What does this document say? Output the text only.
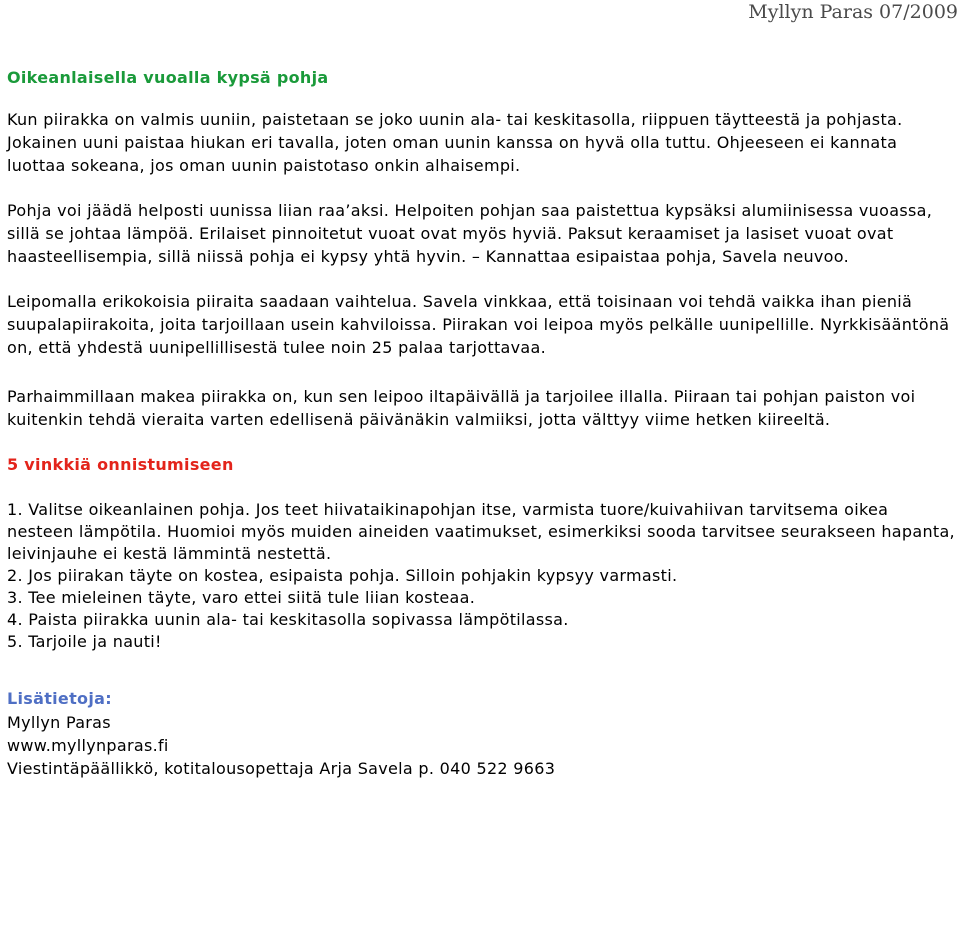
Myllyn Paras 07/2009
Oikeanlaisella vuoalla kypsä pohja

Kun piirakka on valmis uuniin, paistetaan se joko uunin ala- tai keskitasolla, riippuen täytteestä ja pohjasta. Jokainen uuni paistaa hiukan eri tavalla, joten oman uunin kanssa on hyvä olla tuttu. Ohjeeseen ei kannata luottaa sokeana, jos oman uunin paistotaso onkin alhaisempi.

Pohja voi jäädä helposti uunissa liian raa’aksi. Helpoiten pohjan saa paistettua kypsäksi alumiinisessa vuoassa, sillä se johtaa lämpöä. Erilaiset pinnoitetut vuoat ovat myös hyviä. Paksut keraamiset ja lasiset vuoat ovat haasteellisempia, sillä niissä pohja ei kypsy yhtä hyvin. – Kannattaa esipaistaa pohja, Savela neuvoo.

Leipomalla erikokoisia piiraita saadaan vaihtelua. Savela vinkkaa, että toisinaan voi tehdä vaikka ihan pieniä suupalapiirakoita, joita tarjoillaan usein kahviloissa. Piirakan voi leipoa myös pelkälle uunipellille. Nyrkkisääntönä on, että yhdestä uunipellillisestä tulee noin 25 palaa tarjottavaa.

Parhaimmillaan makea piirakka on, kun sen leipoo iltapäivällä ja tarjoilee illalla. Piiraan tai pohjan paiston voi kuitenkin tehdä vieraita varten edellisenä päivänäkin valmiiksi, jotta välttyy viime hetken kiireeltä.

5 vinkkiä onnistumiseen

1. Valitse oikeanlainen pohja. Jos teet hiivataikinapohjan itse, varmista tuore/kuivahiivan tarvitsema oikea nesteen lämpötila. Huomioi myös muiden aineiden vaatimukset, esimerkiksi sooda tarvitsee seurakseen hapanta, leivinjauhe ei kestä lämmintä nestettä.

2. Jos piirakan täyte on kostea, esipaista pohja. Silloin pohjakin kypsyy varmasti.

3. Tee mieleinen täyte, varo ettei siitä tule liian kosteaa.

4. Paista piirakka uunin ala- tai keskitasolla sopivassa lämpötilassa.

5. Tarjoile ja nauti!

Lisätietoja:

Myllyn Paras

www.myllynparas.fi

Viestintäpäällikkö, kotitalousopettaja Arja Savela p. 040 522 9663
